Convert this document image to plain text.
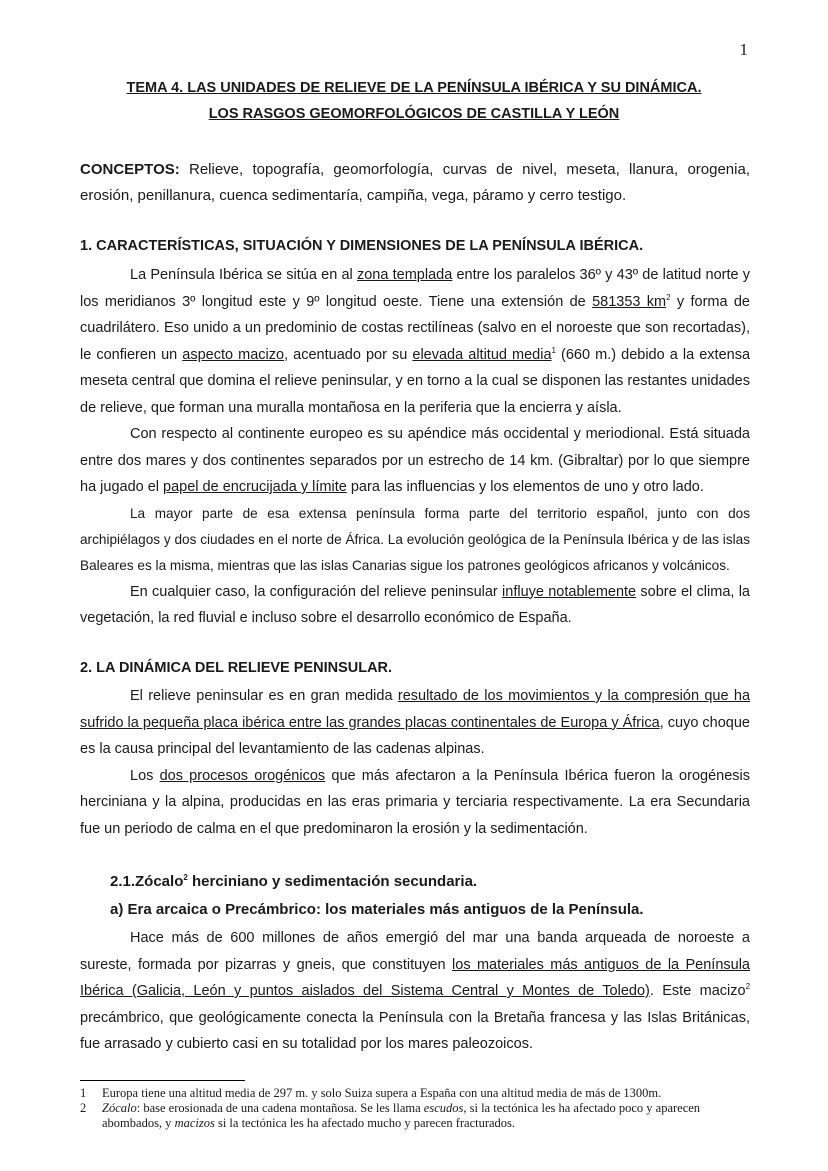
1
TEMA 4. LAS UNIDADES DE RELIEVE DE LA PENÍNSULA IBÉRICA Y SU DINÁMICA.
LOS RASGOS GEOMORFOLÓGICOS DE CASTILLA Y LEÓN
CONCEPTOS: Relieve, topografía, geomorfología, curvas de nivel, meseta, llanura, orogenia, erosión, penillanura, cuenca sedimentaría, campiña, vega, páramo y cerro testigo.
1. CARACTERÍSTICAS, SITUACIÓN Y DIMENSIONES DE LA PENÍNSULA IBÉRICA.

La Península Ibérica se sitúa en al zona templada entre los paralelos 36º y 43º de latitud norte y los meridianos 3º longitud este y 9º longitud oeste. Tiene una extensión de 581353 $km^2$ y forma de cuadrilátero. Eso unido a un predominio de costas rectilíneas (salvo en el noroeste que son recortadas), le confieren un aspecto macizo, acentuado por su elevada altitud media$^1$ (660 m.) debido a la extensa meseta central que domina el relieve peninsular, y en torno a la cual se disponen las restantes unidades de relieve, que forman una muralla montañosa en la periferia que la encierra y aísla.

Con respecto al continente europeo es su apéndice más occidental y meriodional. Está situada entre dos mares y dos continentes separados por un estrecho de 14 km. (Gibraltar) por lo que siempre ha jugado el papel de encrucijada y límite para las influencias y los elementos de uno y otro lado.

La mayor parte de esa extensa península forma parte del territorio español, junto con dos archipiélagos y dos ciudades en el norte de África. La evolución geológica de la Península Ibérica y de las islas Baleares es la misma, mientras que las islas Canarias sigue los patrones geológicos africanos y volcánicos.

En cualquier caso, la configuración del relieve peninsular influye notablemente sobre el clima, la vegetación, la red fluvial e incluso sobre el desarrollo económico de España.

2. LA DINÁMICA DEL RELIEVE PENINSULAR.

El relieve peninsular es en gran medida resultado de los movimientos y la compresión que ha sufrido la pequeña placa ibérica entre las grandes placas continentales de Europa y África, cuyo choque es la causa principal del levantamiento de las cadenas alpinas.

Los dos procesos orogénicos que más afectaron a la Península Ibérica fueron la orogénesis herciniana y la alpina, producidas en las eras primaria y terciaria respectivamente. La era Secundaria fue un periodo de calma en el que predominaron la erosión y la sedimentación.

2.1.Zócalo$^2$ herciniano y sedimentación secundaria.
a) Era arcaica o Precámbrico: los materiales más antiguos de la Península.

Hace más de 600 millones de años emergió del mar una banda arqueada de noroeste a sureste, formada por pizarras y gneis, que constituyen los materiales más antiguos de la Península Ibérica (Galicia, León y puntos aislados del Sistema Central y Montes de Toledo). Este macizo$^2$ precámbrico, que geológicamente conecta la Península con la Bretaña francesa y las Islas Británicas, fue arrasado y cubierto casi en su totalidad por los mares paleozoicos.

1	Europa tiene una altitud media de 297 m. y solo Suiza supera a España con una altitud media de más de 1300m.
2	Zócalo: base erosionada de una cadena montañosa. Se les llama escudos, si la tectónica les ha afectado poco y aparecen abombados, y macizos si la tectónica les ha afectado mucho y parecen fracturados.
